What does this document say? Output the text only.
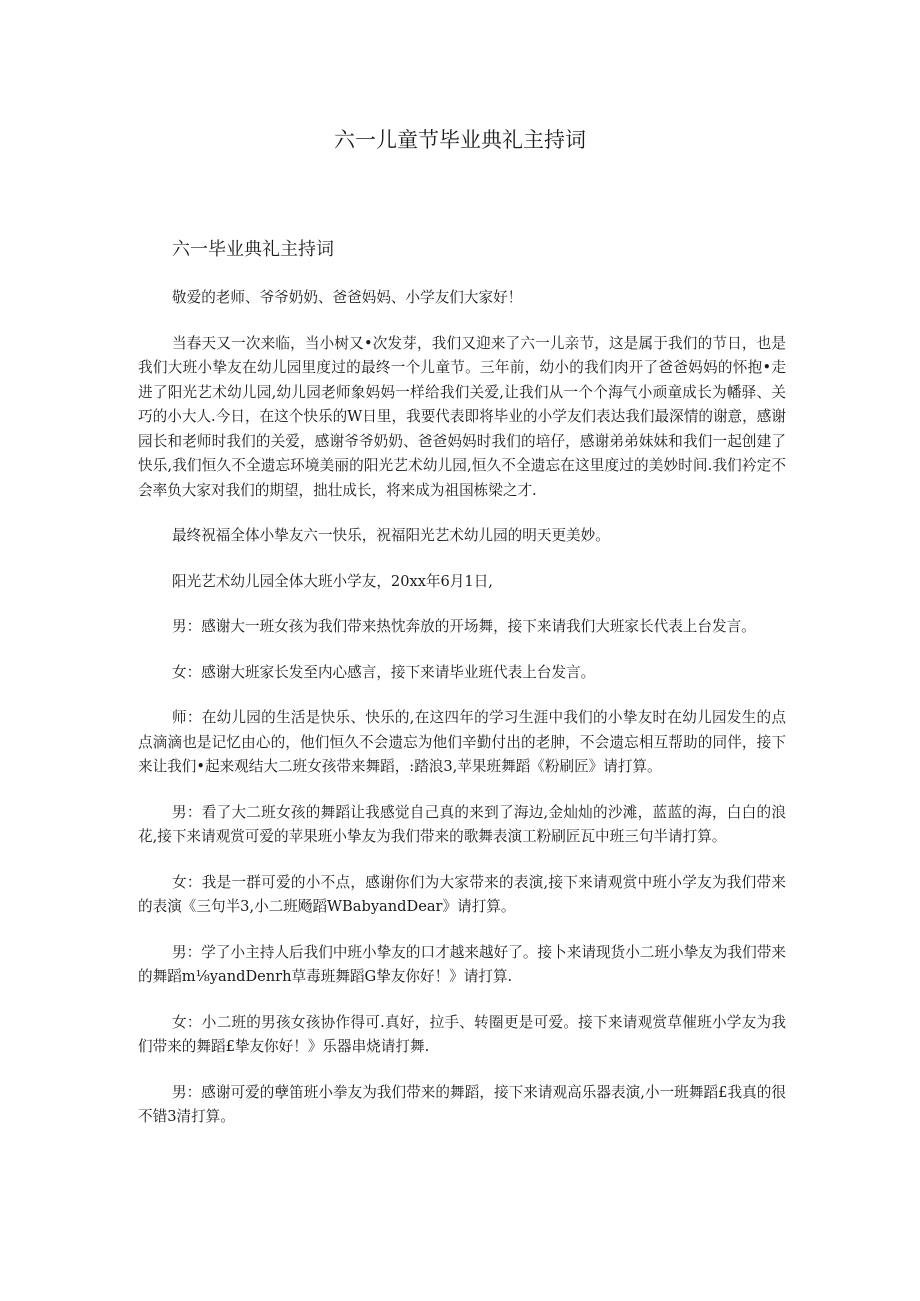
六一儿童节毕业典礼主持词
六一毕业典礼主持词

敬爱的老师、爷爷奶奶、爸爸妈妈、小学友们大家好！

当春天又一次来临，当小树又•次发芽，我们又迎来了六一儿亲节，这是属于我们的节日，也是我们大班小挚友在幼儿园里度过的最终一个儿童节。三年前，幼小的我们肉开了爸爸妈妈的怀抱•走进了阳光艺术幼儿园,幼儿园老师象妈妈一样给我们关爱,让我们从一个个海气小顽童成长为幡驿、关巧的小大人.今日，在这个快乐的W日里，我要代表即将毕业的小学友们表达我们最深情的谢意，感谢园长和老师时我们的关爱，感谢爷爷奶奶、爸爸妈妈时我们的培仔，感谢弟弟妹妹和我们一起创建了快乐,我们恒久不全遗忘环境美丽的阳光艺术幼儿园,恒久不全遗忘在这里度过的美妙时间.我们衿定不会率负大家对我们的期望，拙壮成长，将来成为祖国栋梁之才.

最终祝福全体小挚友六一快乐，祝福阳光艺术幼儿园的明天更美妙。

阳光艺术幼儿园全体大班小学友，20xx年6月1日,

男：感谢大一班女孩为我们带来热忱奔放的开场舞，接下来请我们大班家长代表上台发言。

女：感谢大班家长发至内心感言，接下来请毕业班代表上台发言。

师：在幼儿园的生活是快乐、快乐的,在这四年的学习生涯中我们的小挚友时在幼儿园发生的点点滴滴也是记忆由心的，他们恒久不会遗忘为他们辛勤付出的老胂，不会遗忘相互帮助的同伴，接下来让我们•起来观结大二班女孩带来舞蹈，:踏浪3,苹果班舞蹈《粉刷匠》请打算。

男：看了大二班女孩的舞蹈让我感觉自己真的来到了海边,金灿灿的沙滩，蓝蓝的海，白白的浪花,接下来请观赏可爱的苹果班小挚友为我们带来的歌舞表演工粉刷匠瓦中班三句半请打算。

女：我是一群可爱的小不点，感谢你们为大家带来的表演,接下来请观赏中班小学友为我们带来的表演《三句半3,小二班飏蹈WBabyandDear》请打算。

男：学了小主持人后我们中班小挚友的口才越来越好了。接卜来请现货小二班小挚友为我们带来的舞蹈m⅛yandDenrh草毒班舞蹈G挚友你好！》请打算.

女：小二班的男孩女孩协作得可.真好，拉手、转圈更是可爱。接下来请观赏草催班小学友为我们带来的舞蹈£挚友你好！》乐器串烧请打舞.

男：感谢可爱的孽笛班小拳友为我们带来的舞蹈，接下来请观高乐器表演,小一班舞蹈£我真的很不错3清打算。
